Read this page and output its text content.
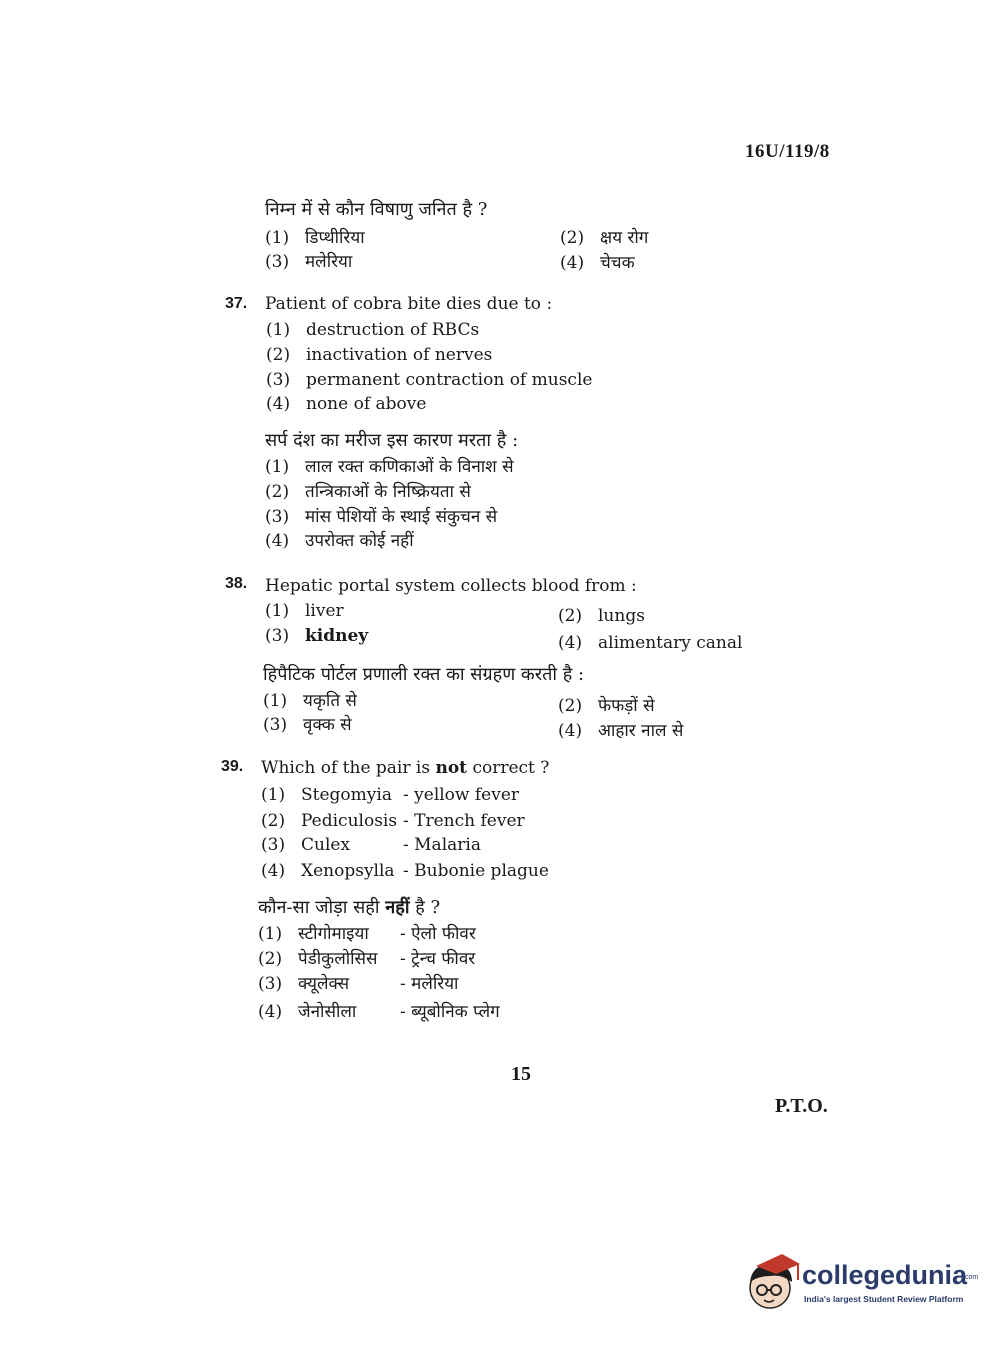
16U/119/8
निम्न में से कौन विषाणु जनित है ?
(1) डिप्थीरिया	(2) क्षय रोग
(3) मलेरिया	(4) चेचक
37. Patient of cobra bite dies due to :
(1) destruction of RBCs
(2) inactivation of nerves
(3) permanent contraction of muscle
(4) none of above
सर्प दंश का मरीज इस कारण मरता है :
(1) लाल रक्त कणिकाओं के विनाश से
(2) तन्त्रिकाओं के निष्क्रियता से
(3) मांस पेशियों के स्थाई संकुचन से
(4) उपरोक्त कोई नहीं
38. Hepatic portal system collects blood from :
(1) liver	(2) lungs
(3) kidney	(4) alimentary canal
हिपैटिक पोर्टल प्रणाली रक्त का संग्रहण करती है :
(1) यकृति से	(2) फेफड़ों से
(3) वृक्क से	(4) आहार नाल से
39. Which of the pair is not correct ?
(1) Stegomyia - yellow fever
(2) Pediculosis - Trench fever
(3) Culex	- Malaria
(4) Xenopsylla - Bubonie plague
कौन-सा जोड़ा सही नहीं है ?
(1) स्टीगोमाइया - ऐलो फीवर
(2) पेडीकुलोसिस - ट्रेन्च फीवर
(3) क्यूलेक्स	- मलेरिया
(4) जेनोसीला	- ब्यूबोनिक प्लेग
15
P.T.O.
collegedunia
.com
India's largest Student Review Platform
